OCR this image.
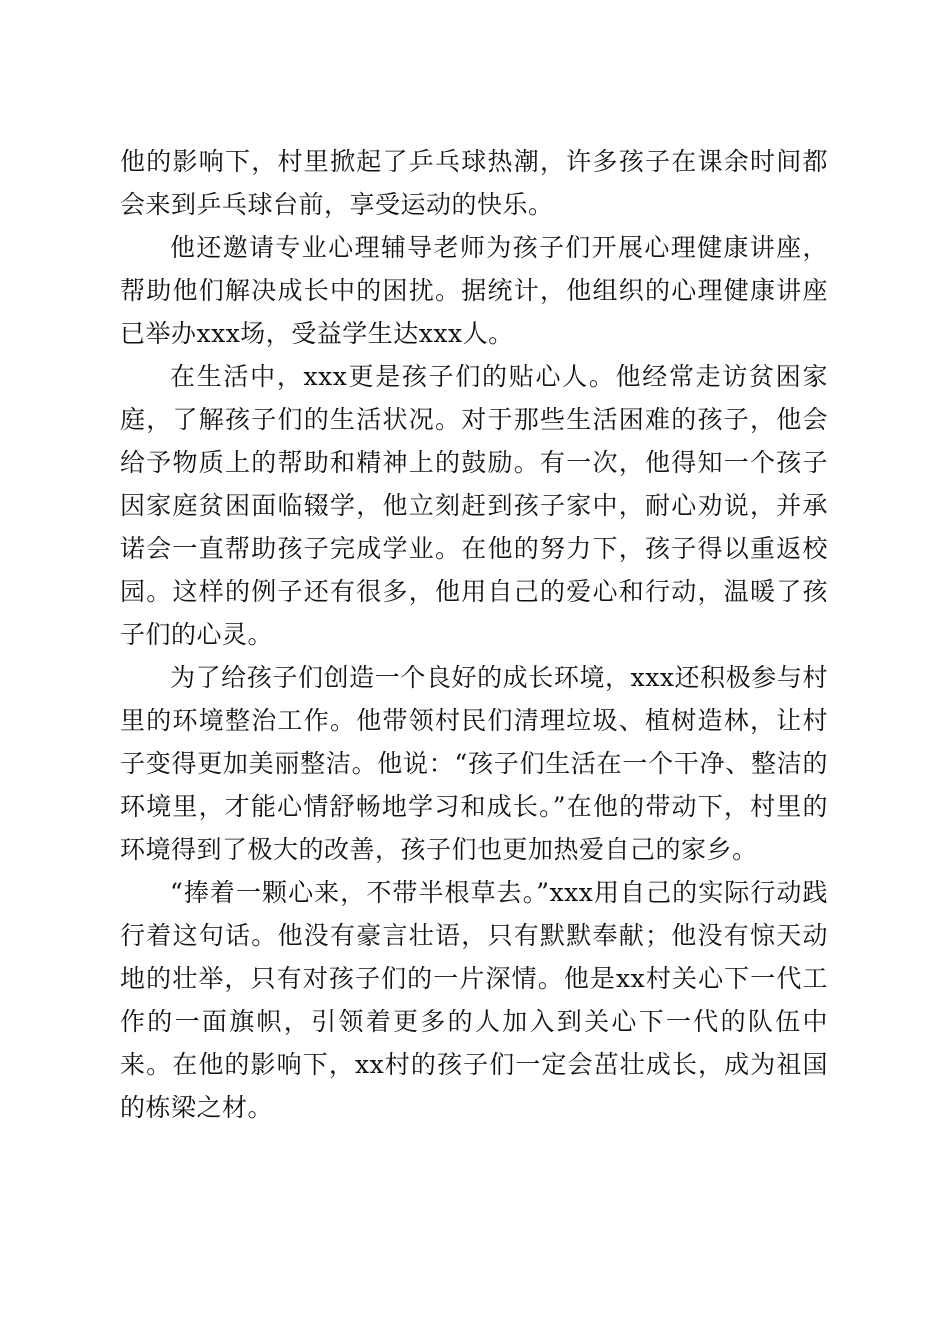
他的影响下，村里掀起了乒乓球热潮，许多孩子在课余时间都会来到乒乓球台前，享受运动的快乐。

他还邀请专业心理辅导老师为孩子们开展心理健康讲座，帮助他们解决成长中的困扰。据统计，他组织的心理健康讲座已举办xxx场，受益学生达xxx人。

在生活中，xxx更是孩子们的贴心人。他经常走访贫困家庭，了解孩子们的生活状况。对于那些生活困难的孩子，他会给予物质上的帮助和精神上的鼓励。有一次，他得知一个孩子因家庭贫困面临辍学，他立刻赶到孩子家中，耐心劝说，并承诺会一直帮助孩子完成学业。在他的努力下，孩子得以重返校园。这样的例子还有很多，他用自己的爱心和行动，温暖了孩子们的心灵。

为了给孩子们创造一个良好的成长环境，xxx还积极参与村里的环境整治工作。他带领村民们清理垃圾、植树造林，让村子变得更加美丽整洁。他说：“孩子们生活在一个干净、整洁的环境里，才能心情舒畅地学习和成长。”在他的带动下，村里的环境得到了极大的改善，孩子们也更加热爱自己的家乡。

“捧着一颗心来，不带半根草去。”xxx用自己的实际行动践行着这句话。他没有豪言壮语，只有默默奉献；他没有惊天动地的壮举，只有对孩子们的一片深情。他是xx村关心下一代工作的一面旗帜，引领着更多的人加入到关心下一代的队伍中来。在他的影响下，xx村的孩子们一定会茁壮成长，成为祖国的栋梁之材。
